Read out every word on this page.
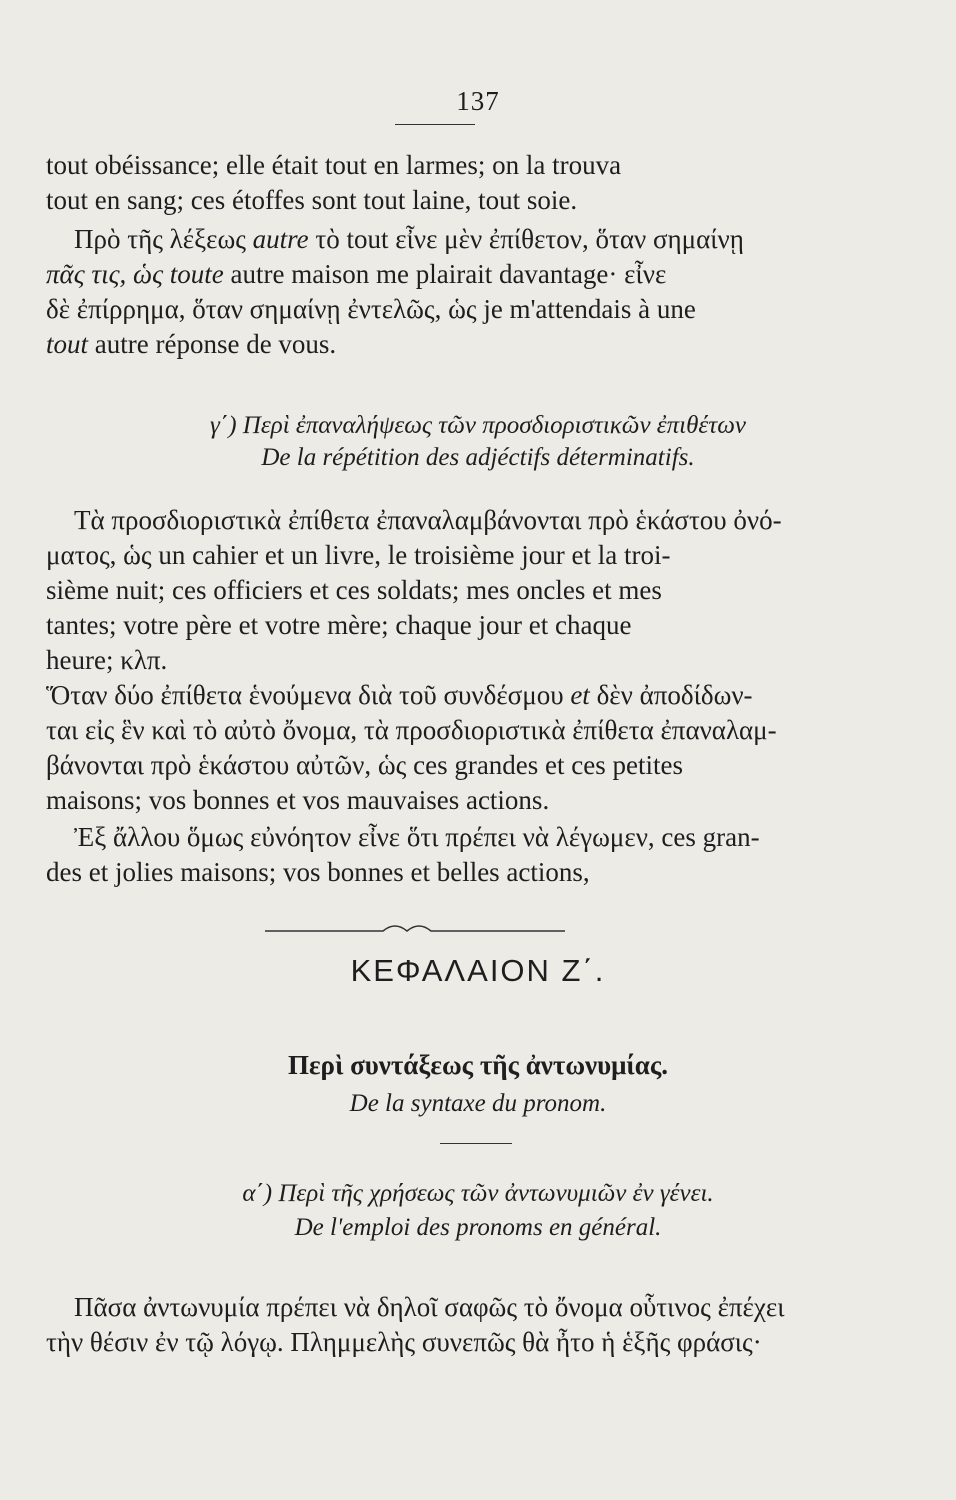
137
tout obéissance; elle était tout en larmes; on la trouva
tout en sang; ces étoffes sont tout laine, tout soie.
Πρὸ τῆς λέξεως autre τὸ tout εἶνε μὲν ἐπίθετον, ὅταν σημαίνῃ
πᾶς τις, ὡς toute autre maison me plairait davantage· εἶνε
δὲ ἐπίρρημα, ὅταν σημαίνῃ ἐντελῶς, ὡς je m'attendais à une
tout autre réponse de vous.
γ΄) Περὶ ἐπαναλήψεως τῶν προσδιοριστικῶν ἐπιθέτων
De la répétition des adjéctifs déterminatifs.
Τὰ προσδιοριστικὰ ἐπίθετα ἐπαναλαμβάνονται πρὸ ἑκάστου ὀνό-
ματος, ὡς un cahier et un livre, le troisième jour et la troi-
sième nuit; ces officiers et ces soldats; mes oncles et mes
tantes; votre père et votre mère; chaque jour et chaque
heure; κλπ.
Ὅταν δύο ἐπίθετα ἑνούμενα διὰ τοῦ συνδέσμου et δὲν ἀποδίδων-
ται εἰς ἓν καὶ τὸ αὐτὸ ὄνομα, τὰ προσδιοριστικὰ ἐπίθετα ἐπαναλαμ-
βάνονται πρὸ ἑκάστου αὐτῶν, ὡς ces grandes et ces petites
maisons; vos bonnes et vos mauvaises actions.
Ἐξ ἄλλου ὅμως εὐνόητον εἶνε ὅτι πρέπει νὰ λέγωμεν, ces gran-
des et jolies maisons; vos bonnes et belles actions,
ΚΕΦΑΛΑΙΟΝ Ζ΄.
Περὶ συντάξεως τῆς ἀντωνυμίας.
De la syntaxe du pronom.
α΄) Περὶ τῆς χρήσεως τῶν ἀντωνυμιῶν ἐν γένει.
De l'emploi des pronoms en général.
Πᾶσα ἀντωνυμία πρέπει νὰ δηλοῖ σαφῶς τὸ ὄνομα οὗτινος ἐπέχει
τὴν θέσιν ἐν τῷ λόγῳ. Πλημμελὴς συνεπῶς θὰ ἦτο ἡ ἑξῆς φράσις·
